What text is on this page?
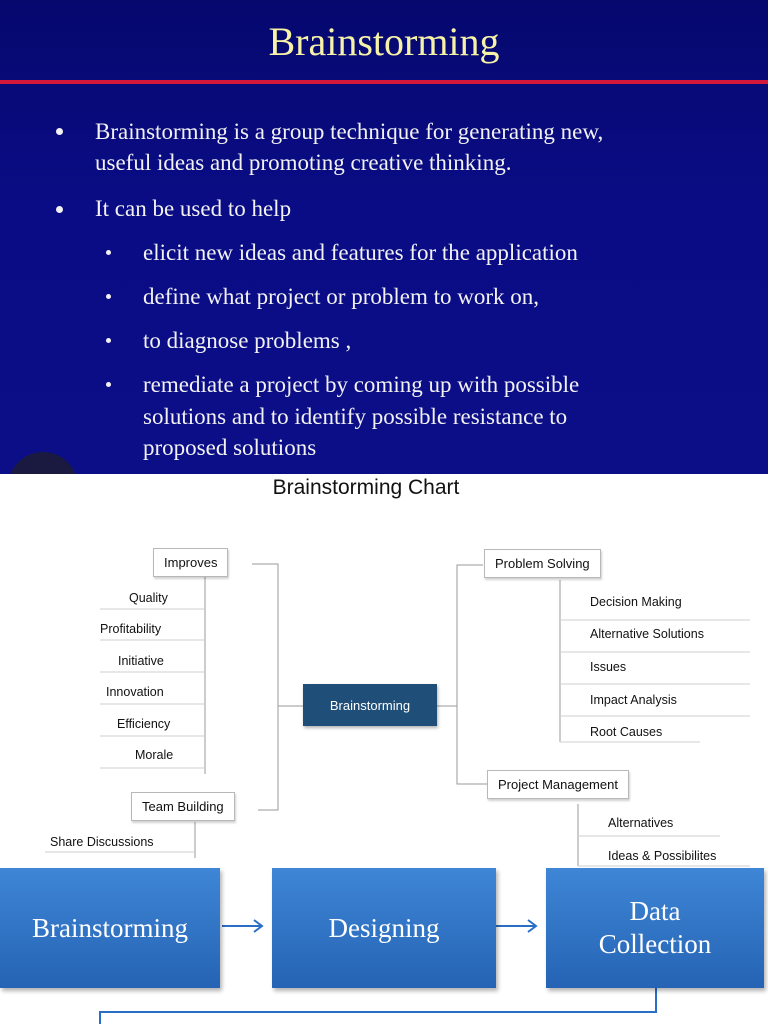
Brainstorming
Brainstorming is a group technique for generating new,
useful ideas and promoting creative thinking.
It can be used to help
elicit new ideas and features for the application
define what project or problem to work on,
to diagnose problems ,
remediate a project by coming up with possible
solutions and to identify possible resistance to
proposed solutions
Brainstorming Chart
Improves
Quality
Profitability
Initiative
Innovation
Efficiency
Morale
Team Building
Share Discussions
Brainstorming
Problem Solving
Decision Making
Alternative Solutions
Issues
Impact Analysis
Root Causes
Project Management
Alternatives
Ideas & Possibilites
Brainstorming	Designing
Data
Collection
